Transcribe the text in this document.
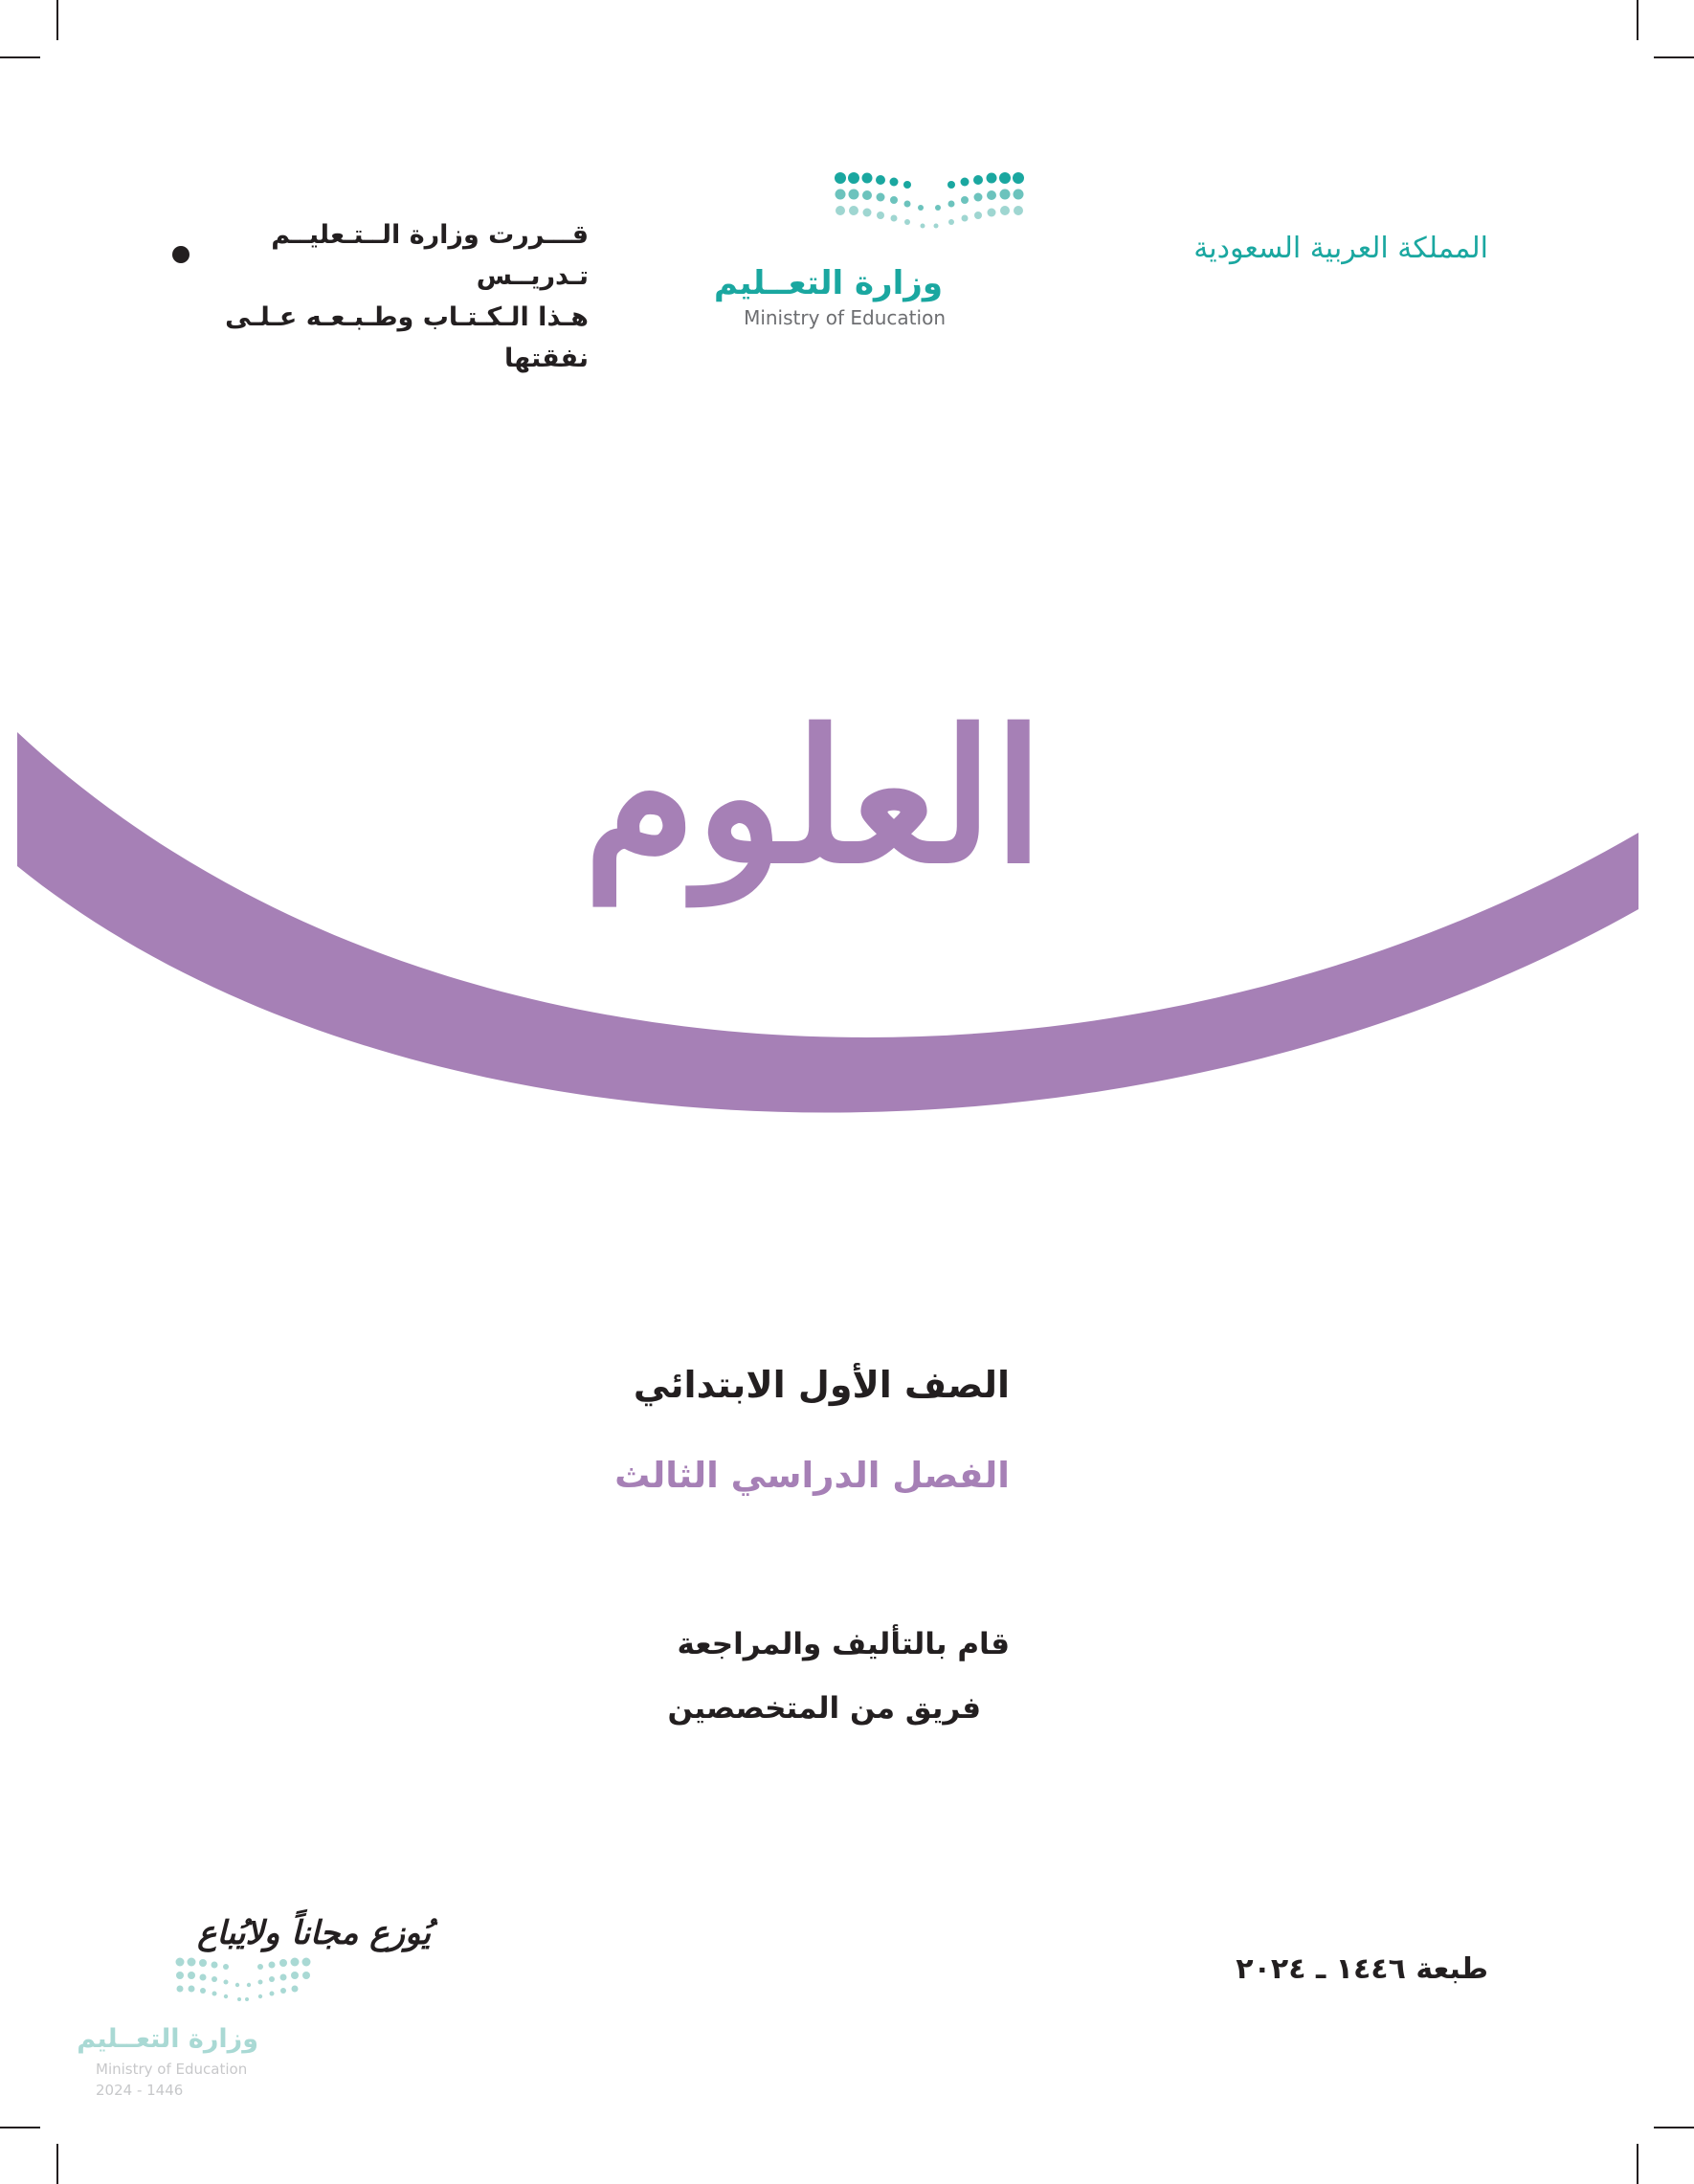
المملكة العربية السعودية
وزارة التعــليم
Ministry of Education
قـــررت وزارة الــتـعليــم تـدريــس
هـذا الـكـتـاب وطـبـعـه عـلـى نفقتها
العلوم
الصف الأول الابتدائي
الفصل الدراسي الثالث
قام بالتأليف والمراجعة
فريق من المتخصصين
طبعة ١٤٤٦ ـ ٢٠٢٤
يُوزع مجاناً ولايُباع
وزارة التعــليم
Ministry of Education
2024 - 1446
